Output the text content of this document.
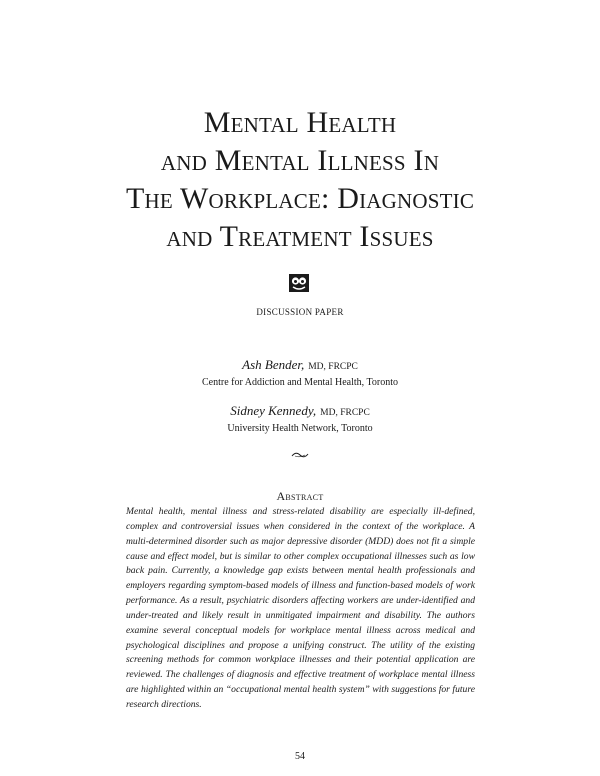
Mental Health
and Mental Illness In
The Workplace: Diagnostic
and Treatment Issues
DISCUSSION PAPER
Ash Bender, MD, FRCPC
Centre for Addiction and Mental Health, Toronto
Sidney Kennedy, MD, FRCPC
University Health Network, Toronto
Abstract

Mental health, mental illness and stress-related disability are especially ill-defined, complex and controversial issues when considered in the context of the workplace. A multi-determined disorder such as major depressive disorder (MDD) does not fit a simple cause and effect model, but is similar to other complex occupational illnesses such as low back pain. Currently, a knowledge gap exists between mental health professionals and employers regarding symptom-based models of illness and function-based models of work performance. As a result, psychiatric disorders affecting workers are under-identified and under-treated and likely result in unmitigated impairment and disability. The authors examine several conceptual models for workplace mental illness across medical and psychological disciplines and propose a unifying construct. The utility of the existing screening methods for common workplace illnesses and their potential application are reviewed. The challenges of diagnosis and effective treatment of workplace mental illness are highlighted within an “occupational mental health system” with suggestions for future research directions.

54
